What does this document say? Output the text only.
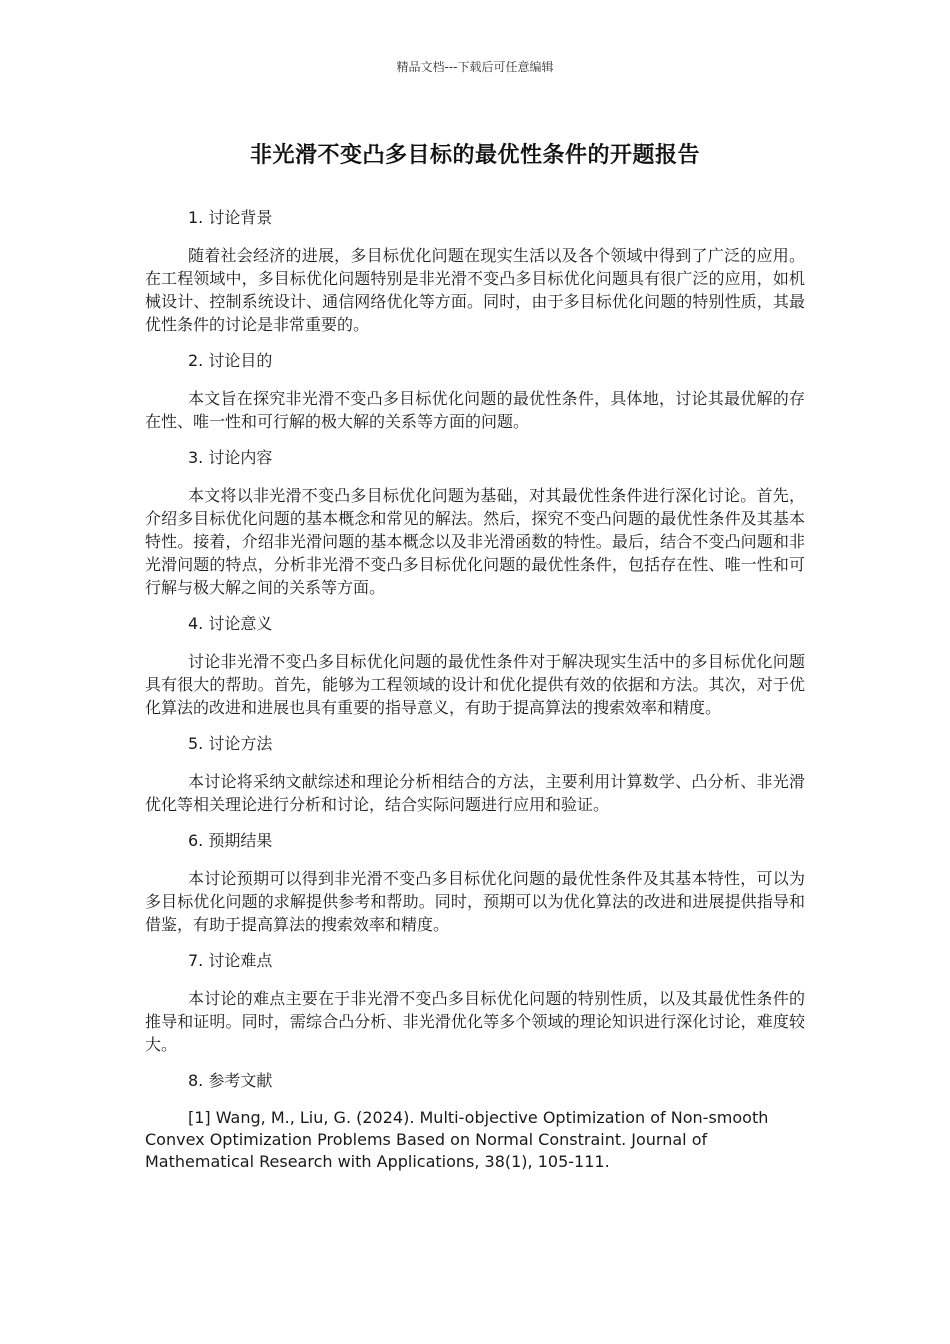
精品文档---下载后可任意编辑
非光滑不变凸多目标的最优性条件的开题报告
1. 讨论背景

随着社会经济的进展，多目标优化问题在现实生活以及各个领域中得到了广泛的应用。在工程领域中，多目标优化问题特别是非光滑不变凸多目标优化问题具有很广泛的应用，如机械设计、控制系统设计、通信网络优化等方面。同时，由于多目标优化问题的特别性质，其最优性条件的讨论是非常重要的。

2. 讨论目的

本文旨在探究非光滑不变凸多目标优化问题的最优性条件，具体地，讨论其最优解的存在性、唯一性和可行解的极大解的关系等方面的问题。

3. 讨论内容

本文将以非光滑不变凸多目标优化问题为基础，对其最优性条件进行深化讨论。首先，介绍多目标优化问题的基本概念和常见的解法。然后，探究不变凸问题的最优性条件及其基本特性。接着，介绍非光滑问题的基本概念以及非光滑函数的特性。最后，结合不变凸问题和非光滑问题的特点，分析非光滑不变凸多目标优化问题的最优性条件，包括存在性、唯一性和可行解与极大解之间的关系等方面。

4. 讨论意义

讨论非光滑不变凸多目标优化问题的最优性条件对于解决现实生活中的多目标优化问题具有很大的帮助。首先，能够为工程领域的设计和优化提供有效的依据和方法。其次，对于优化算法的改进和进展也具有重要的指导意义，有助于提高算法的搜索效率和精度。

5. 讨论方法

本讨论将采纳文献综述和理论分析相结合的方法，主要利用计算数学、凸分析、非光滑优化等相关理论进行分析和讨论，结合实际问题进行应用和验证。

6. 预期结果

本讨论预期可以得到非光滑不变凸多目标优化问题的最优性条件及其基本特性，可以为多目标优化问题的求解提供参考和帮助。同时，预期可以为优化算法的改进和进展提供指导和借鉴，有助于提高算法的搜索效率和精度。

7. 讨论难点

本讨论的难点主要在于非光滑不变凸多目标优化问题的特别性质，以及其最优性条件的推导和证明。同时，需综合凸分析、非光滑优化等多个领域的理论知识进行深化讨论，难度较大。

8. 参考文献

[1] Wang, M., Liu, G. (2024). Multi-objective Optimization of Non-smooth Convex Optimization Problems Based on Normal Constraint. Journal of Mathematical Research with Applications, 38(1), 105-111.
